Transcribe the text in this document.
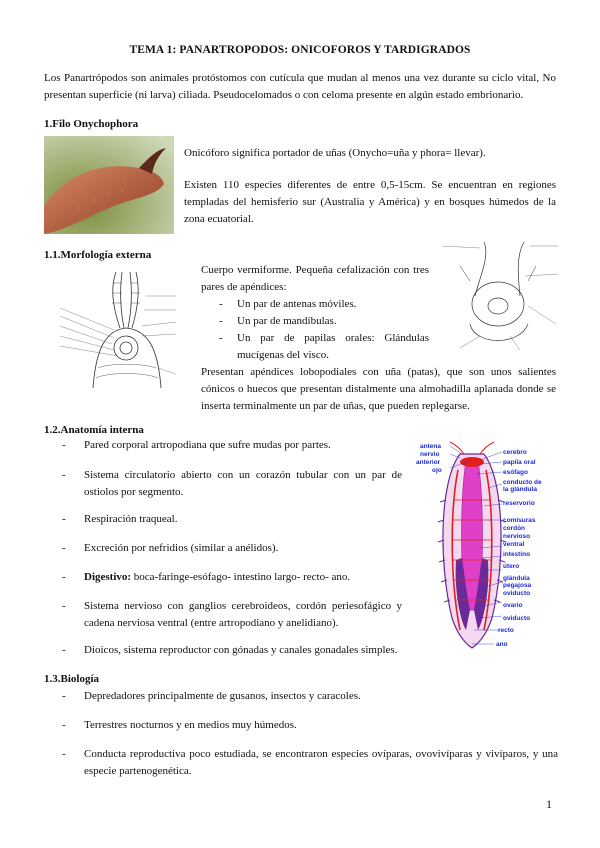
TEMA 1: PANARTROPODOS: ONICOFOROS Y TARDIGRADOS
Los Panartrópodos son animales protóstomos con cutícula que mudan al menos una vez durante su ciclo vital, No presentan superficie (ni larva) ciliada. Pseudocelomados o con celoma presente en algún estado embrionario.
1.Filo Onychophora
Onicóforo significa portador de uñas (Onycho=uña y phora= llevar).
Existen 110 especies diferentes de entre 0,5-15cm. Se encuentran en regiones templadas del hemisferio sur (Australia y América) y en bosques húmedos de la zona ecuatorial.
1.1.Morfología externa
Cuerpo vermiforme. Pequeña cefalización con tres pares de apéndices:
- Un par de antenas móviles.
- Un par de mandíbulas.
- Un par de papilas orales: Glándulas mucígenas del visco.
Presentan apéndices lobopodiales con uña (patas), que son unos salientes cónicos o huecos que presentan distalmente una almohadilla aplanada donde se inserta terminalmente un par de uñas, que pueden replegarse.
1.2.Anatomía interna
- Pared corporal artropodiana que sufre mudas por partes.
- Sistema circulatorio abierto con un corazón tubular con un par de ostiolos por segmento.
- Respiración traqueal.
- Excreción por nefridios (similar a anélidos).
- Digestivo: boca-faringe-esófago- intestino largo- recto- ano.
- Sistema nervioso con ganglios cerebroideos, cordón periesofágico y cadena nerviosa ventral (entre artropodiano y anelidiano).
- Dioicos, sistema reproductor con gónadas y canales gonadales simples.
cerebro
papila oral
esófago
conducto de
la glándula
reservorio
comisuras
cordón
nervioso
ventral
intestino
útero
glándula
pegajosa
oviducto
ovario
oviducto
recto
ano
antena
nervio
anterior
ojo
1.3.Biología
- Depredadores principalmente de gusanos, insectos y caracoles.
- Terrestres nocturnos y en medios muy húmedos.
- Conducta reproductiva poco estudiada, se encontraron especies ovíparas, ovovivíparas y vivíparos, y una especie partenogenética.
1
